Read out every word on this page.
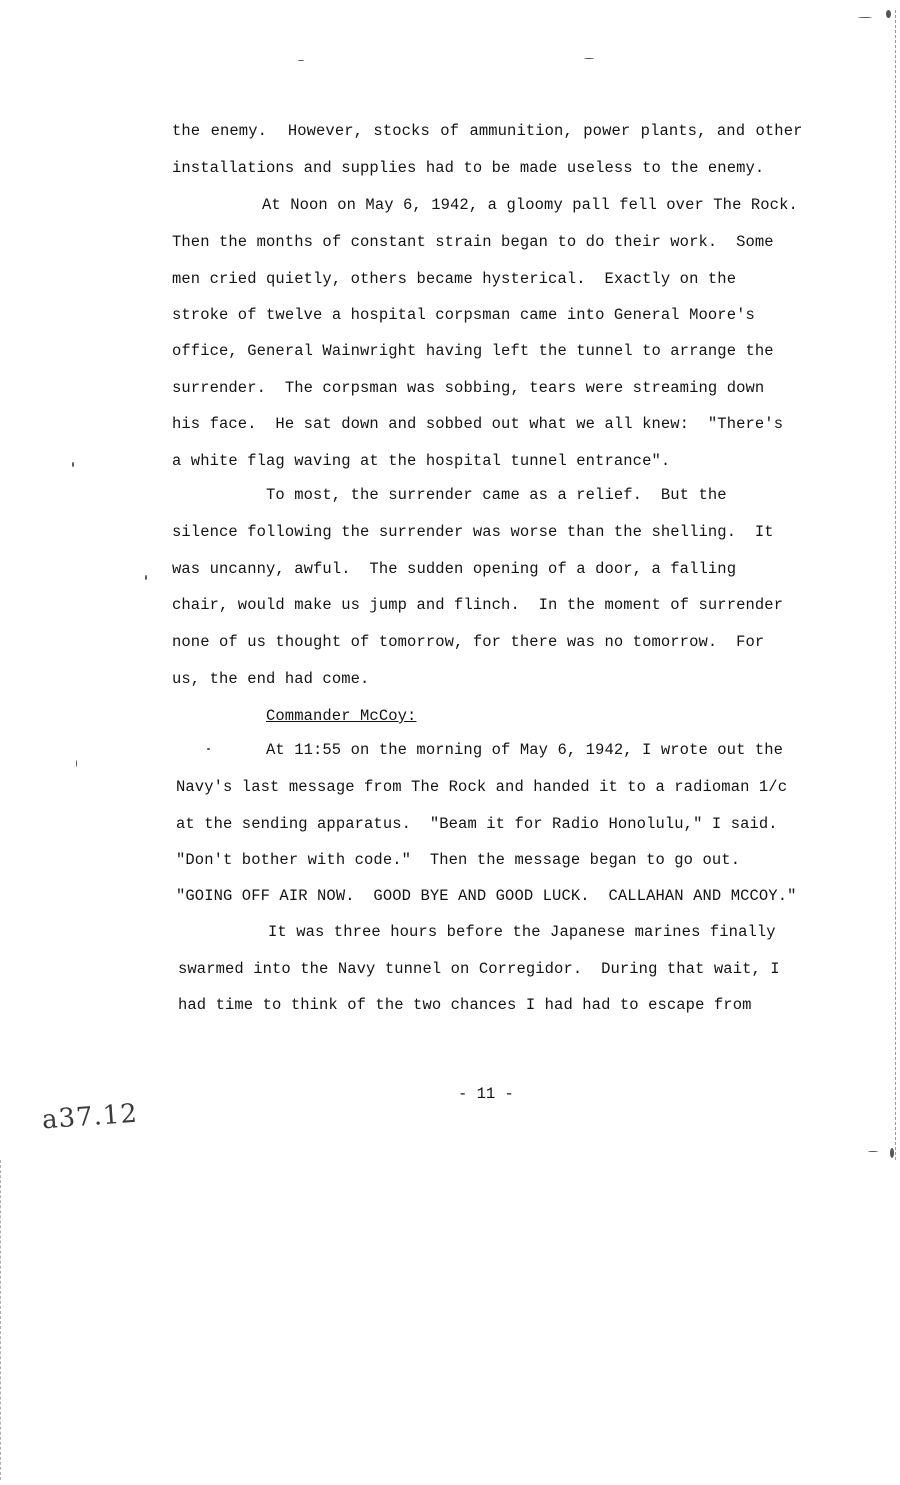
the enemy.  However, stocks of ammunition, power plants, and other
installations and supplies had to be made useless to the enemy.
At Noon on May 6, 1942, a gloomy pall fell over The Rock.
Then the months of constant strain began to do their work.  Some
men cried quietly, others became hysterical.  Exactly on the
stroke of twelve a hospital corpsman came into General Moore's
office, General Wainwright having left the tunnel to arrange the
surrender.  The corpsman was sobbing, tears were streaming down
his face.  He sat down and sobbed out what we all knew:  "There's
a white flag waving at the hospital tunnel entrance".
To most, the surrender came as a relief.  But the
silence following the surrender was worse than the shelling.  It
was uncanny, awful.  The sudden opening of a door, a falling
chair, would make us jump and flinch.  In the moment of surrender
none of us thought of tomorrow, for there was no tomorrow.  For
us, the end had come.
Commander McCoy:
At 11:55 on the morning of May 6, 1942, I wrote out the
Navy's last message from The Rock and handed it to a radioman 1/c
at the sending apparatus.  "Beam it for Radio Honolulu," I said.
"Don't bother with code."  Then the message began to go out.
"GOING OFF AIR NOW.  GOOD BYE AND GOOD LUCK.  CALLAHAN AND MCCOY."
It was three hours before the Japanese marines finally
swarmed into the Navy tunnel on Corregidor.  During that wait, I
had time to think of the two chances I had had to escape from
- 11 -
a37.12
